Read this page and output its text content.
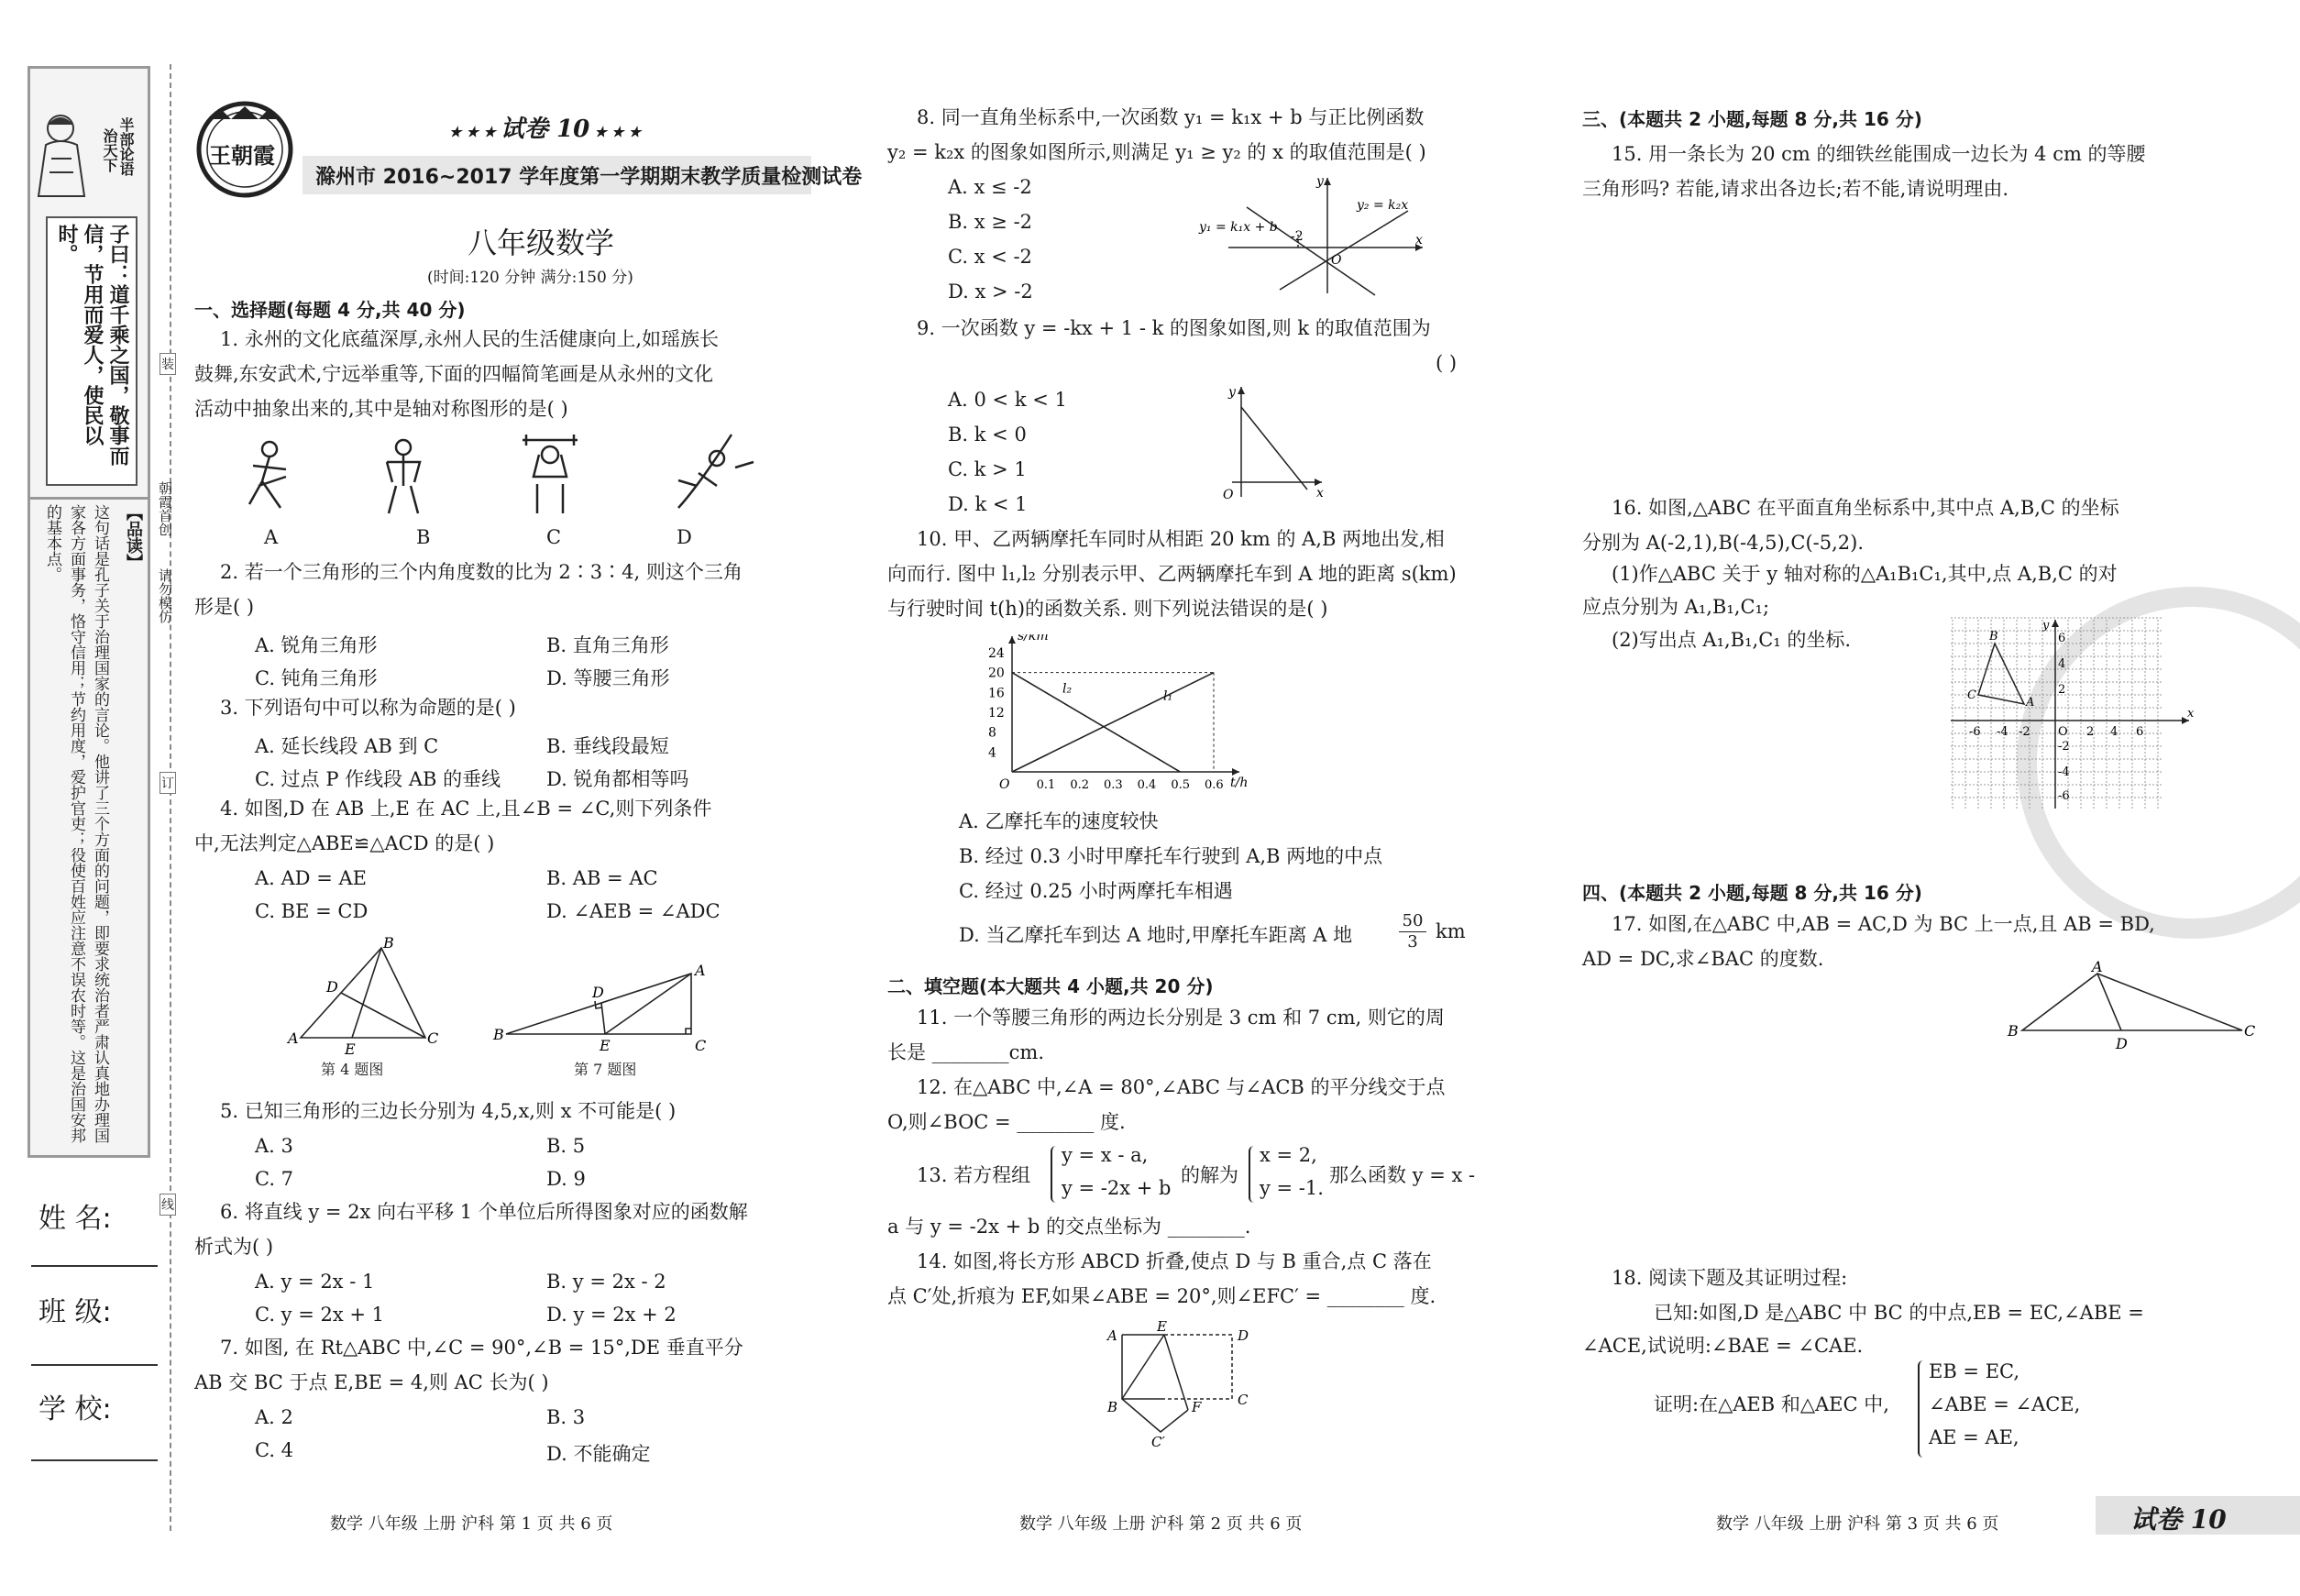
半部论语
治天下
子曰：道千乘之国，敬事而信，节用而爱人，使民以时。
【品读】
这句话是孔子关于治理国家的言论。他讲了三个方面的问题，即要求统治者严肃认真地办理国家各方面事务，恪守信用；节约用度，爱护官吏；役使百姓应注意不误农时等。这是治国安邦的基本点。
姓 名:
班 级:
学 校:
装
订
线
朝霞首创
请勿模仿
王朝霞
★ ★ ★ 试卷 10 ★ ★ ★
滁州市 2016~2017 学年度第一学期期末教学质量检测试卷
八年级数学
(时间:120 分钟 满分:150 分)
一、选择题(每题 4 分,共 40 分)
1. 永州的文化底蕴深厚,永州人民的生活健康向上,如瑶族长
鼓舞,东安武术,宁远举重等,下面的四幅简笔画是从永州的文化
活动中抽象出来的,其中是轴对称图形的是( )
A	B	C	D
2. 若一个三角形的三个内角度数的比为 2∶3∶4, 则这个三角
形是( )
A. 锐角三角形	B. 直角三角形
C. 钝角三角形	D. 等腰三角形
3. 下列语句中可以称为命题的是( )
A. 延长线段 AB 到 C	B. 垂线段最短
C. 过点 P 作线段 AB 的垂线 D. 锐角都相等吗
4. 如图,D 在 AB 上,E 在 AC 上,且∠B = ∠C,则下列条件
中,无法判定△ABE≌△ACD 的是( )
A. AD = AE	B. AB = AC
C. BE = CD	D. ∠AEB = ∠ADC
A
B
D
E
C
第 4 题图
B
A
D
E	C
第 7 题图
5. 已知三角形的三边长分别为 4,5,x,则 x 不可能是( )
A. 3	B. 5
C. 7	D. 9
6. 将直线 y = 2x 向右平移 1 个单位后所得图象对应的函数解
析式为( )
A. y = 2x - 1	B. y = 2x - 2
C. y = 2x + 1	D. y = 2x + 2
7. 如图, 在 Rt△ABC 中,∠C = 90°,∠B = 15°,DE 垂直平分
AB 交 BC 于点 E,BE = 4,则 AC 长为( )
A. 2	B. 3
C. 4	D. 不能确定
数学 八年级 上册 沪科 第 1 页 共 6 页
8. 同一直角坐标系中,一次函数 y₁ = k₁x + b 与正比例函数
y₂ = k₂x 的图象如图所示,则满足 y₁ ≥ y₂ 的 x 的取值范围是( )
A. x ≤ -2
B. x ≥ -2
C. x < -2
D. x > -2
y₁ = k₁x + b
y₂ = k₂x
-2
O
x
y
9. 一次函数 y = -kx + 1 - k 的图象如图,则 k 的取值范围为
( )
A. 0 < k < 1
B. k < 0
C. k > 1
D. k < 1	O	x
y
10. 甲、乙两辆摩托车同时从相距 20 km 的 A,B 两地出发,相
向而行. 图中 l₁,l₂ 分别表示甲、乙两辆摩托车到 A 地的距离 s(km)
与行驶时间 t(h)的函数关系. 则下列说法错误的是( )
4
8
12
16
20
24
0.1 0.2 0.3 0.4 0.5 0.6
O	t/h
s/km
l₁
l₂
A. 乙摩托车的速度较快
B. 经过 0.3 小时甲摩托车行驶到 A,B 两地的中点
C. 经过 0.25 小时两摩托车相遇
D. 当乙摩托车到达 A 地时,甲摩托车距离 A 地	$\frac{50}{3}$ km
二、填空题(本大题共 4 小题,共 20 分)
11. 一个等腰三角形的两边长分别是 3 cm 和 7 cm, 则它的周
长是 ________cm.
12. 在△ABC 中,∠A = 80°,∠ABC 与∠ACB 的平分线交于点
O,则∠BOC = ________ 度.
13. 若方程组
y = x - a,
y = -2x + b
的解为
x = 2,
y = -1.
那么函数 y = x -
a 与 y = -2x + b 的交点坐标为 ________.
14. 如图,将长方形 ABCD 折叠,使点 D 与 B 重合,点 C 落在
点 C′处,折痕为 EF,如果∠ABE = 20°,则∠EFC′ = ________ 度.
A
E
D
B	F	C
C′
数学 八年级 上册 沪科 第 2 页 共 6 页
三、(本题共 2 小题,每题 8 分,共 16 分)
15. 用一条长为 20 cm 的细铁丝能围成一边长为 4 cm 的等腰
三角形吗? 若能,请求出各边长;若不能,请说明理由.
16. 如图,△ABC 在平面直角坐标系中,其中点 A,B,C 的坐标
分别为 A(-2,1),B(-4,5),C(-5,2).
(1)作△ABC 关于 y 轴对称的△A₁B₁C₁,其中,点 A,B,C 的对
应点分别为 A₁,B₁,C₁;
(2)写出点 A₁,B₁,C₁ 的坐标.
-6 -4 -2 O 2 4 6
6
4
2
-2
-4
-6
B
C
A
x
y
四、(本题共 2 小题,每题 8 分,共 16 分)
17. 如图,在△ABC 中,AB = AC,D 为 BC 上一点,且 AB = BD,
AD = DC,求∠BAC 的度数.	A
B
D
C
18. 阅读下题及其证明过程:
已知:如图,D 是△ABC 中 BC 的中点,EB = EC,∠ABE =
∠ACE,试说明:∠BAE = ∠CAE.
证明:在△AEB 和△AEC 中,
EB = EC,
∠ABE = ∠ACE,
AE = AE,
数学 八年级 上册 沪科 第 3 页 共 6 页	试卷 10
